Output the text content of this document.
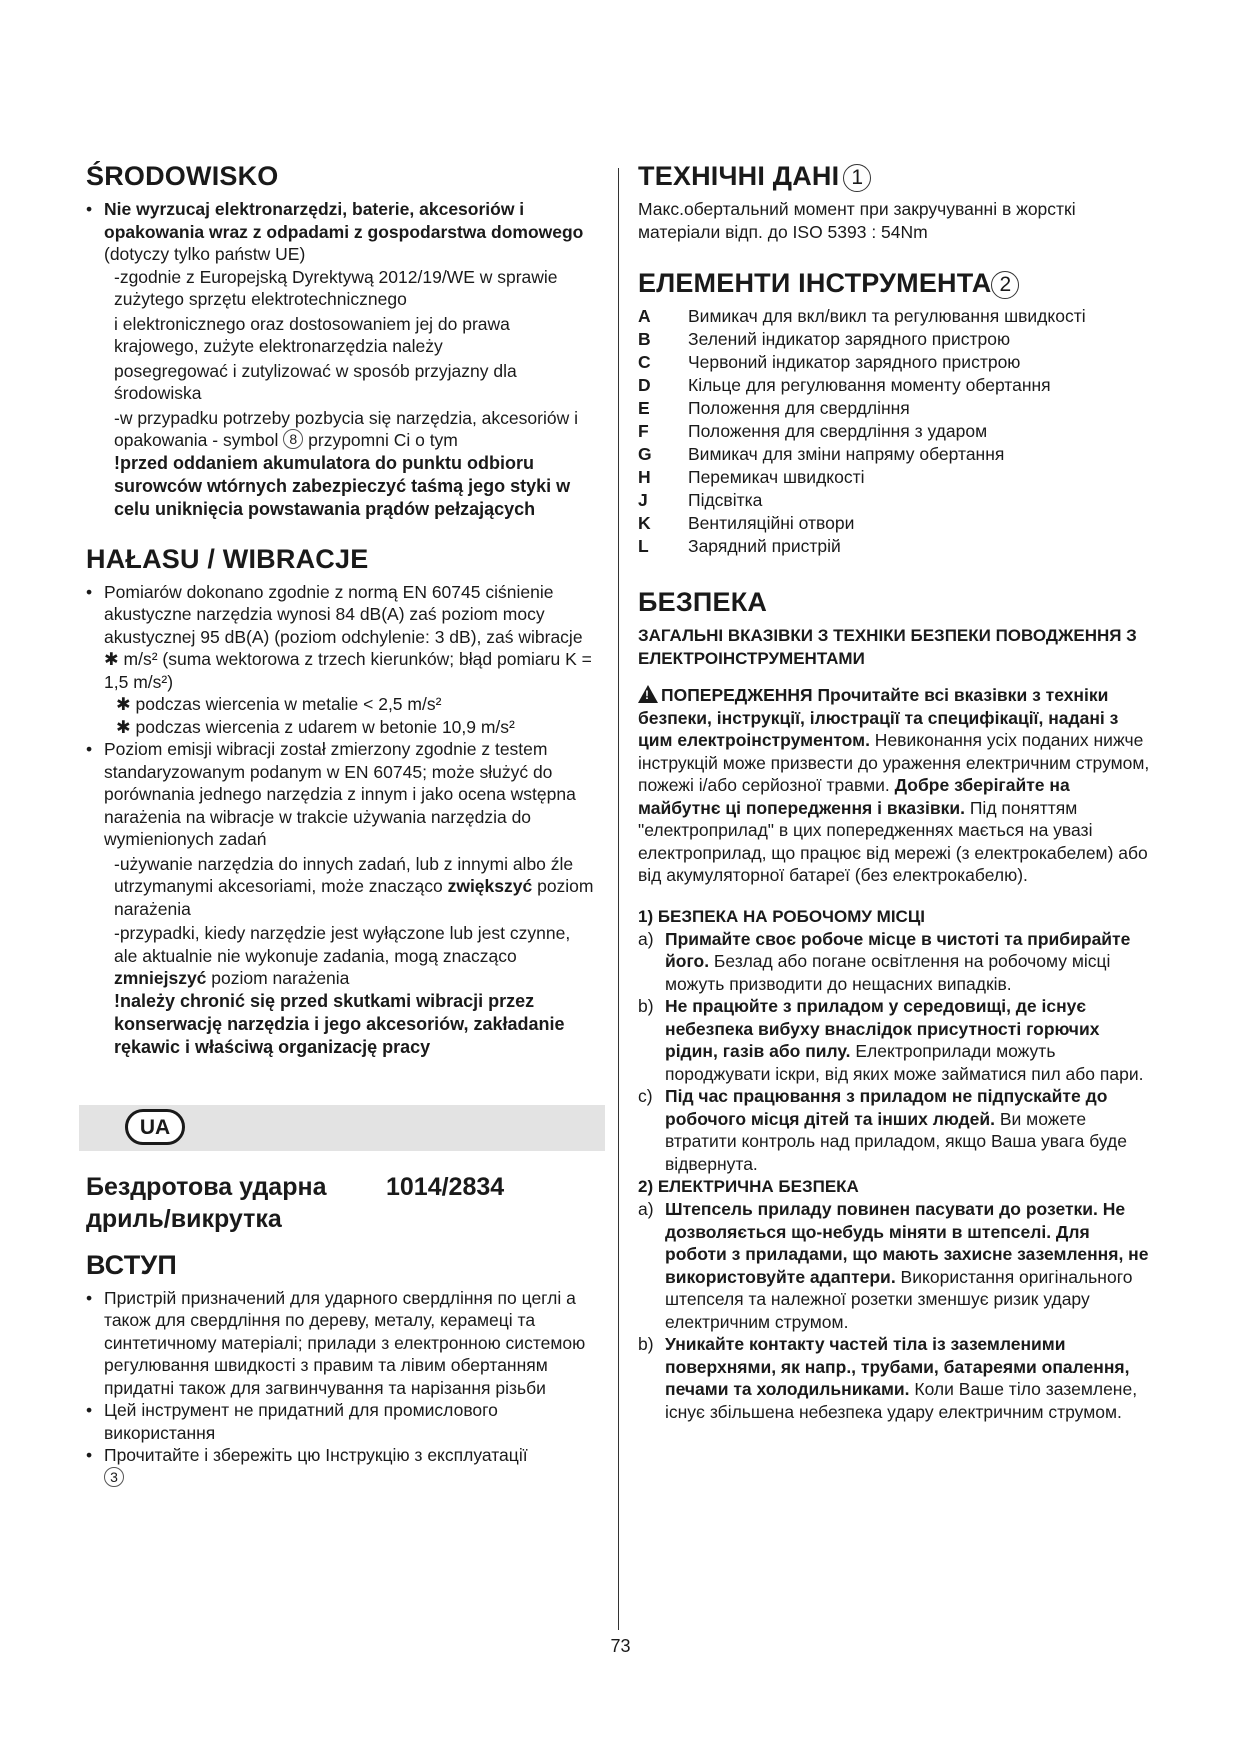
ŚRODOWISKO
• Nie wyrzucaj elektronarzędzi, baterie, akcesoriów i opakowania wraz z odpadami z gospodarstwa domowego (dotyczy tylko państw UE)
-zgodnie z Europejską Dyrektywą 2012/19/WE w sprawie zużytego sprzętu elektrotechnicznego
i elektronicznego oraz dostosowaniem jej do prawa krajowego, zużyte elektronarzędzia należy
posegregować i zutylizować w sposób przyjazny dla środowiska
-w przypadku potrzeby pozbycia się narzędzia, akcesoriów i opakowania - symbol 8 przypomni Ci o tym
!przed oddaniem akumulatora do punktu odbioru surowców wtórnych zabezpieczyć taśmą jego styki w celu uniknięcia powstawania prądów pełzających
HAŁASU / WIBRACJE
• Pomiarów dokonano zgodnie z normą EN 60745 ciśnienie akustyczne narzędzia wynosi 84 dB(A) zaś poziom mocy akustycznej 95 dB(A) (poziom odchylenie: 3 dB), zaś wibracje ✱ m/s² (suma wektorowa z trzech kierunków; błąd pomiaru K = 1,5 m/s²)
✱ podczas wiercenia w metalie < 2,5 m/s²
✱ podczas wiercenia z udarem w betonie 10,9 m/s²
• Poziom emisji wibracji został zmierzony zgodnie z testem standaryzowanym podanym w EN 60745; może służyć do porównania jednego narzędzia z innym i jako ocena wstępna narażenia na wibracje w trakcie używania narzędzia do wymienionych zadań
-używanie narzędzia do innych zadań, lub z innymi albo źle utrzymanymi akcesoriami, może znacząco zwiększyć poziom narażenia
-przypadki, kiedy narzędzie jest wyłączone lub jest czynne, ale aktualnie nie wykonuje zadania, mogą znacząco zmniejszyć poziom narażenia
!należy chronić się przed skutkami wibracji przez konserwację narzędzia i jego akcesoriów, zakładanie rękawic i właściwą organizację pracy
UA
Бездротова ударна дриль/викрутка
1014/2834
ВСТУП
• Пристрій призначений для ударного свердління по цеглі а також для свердління по дереву, металу, керамеці та синтетичному матеріалі; прилади з електронною системою регулювання швидкості з правим та лівим обертанням придатні також для загвинчування та нарізання різьби
• Цей інструмент не придатний для промислового використання
• Прочитайте і збережіть цю Інструкцію з експлуатації
3
ТЕХНІЧНІ ДАНІ 1
Макс.обертальний момент при закручуванні в жорсткі матеріали відп. до ISO 5393 : 54Nm
ЕЛЕМЕНТИ ІНСТРУМЕНТА 2
A	Вимикач для вкл/викл та регулювання швидкості
B	Зелений індикатор зарядного пристрою
C	Червоний індикатор зарядного пристрою
D	Кільце для регулювання моменту обертання
E	Положення для свердління
F	Положення для свердління з ударом
G	Вимикач для зміни напряму обертання
H	Перемикач швидкості
J	Підсвітка
K	Вентиляційні отвори
L	Зарядний пристрій
БЕЗПЕКА
ЗАГАЛЬНІ ВКАЗІВКИ З ТЕХНІКИ БЕЗПЕКИ ПОВОДЖЕННЯ З ЕЛЕКТРОІНСТРУМЕНТАМИ
! ПОПЕРЕДЖЕННЯ Прочитайте всі вказівки з техніки безпеки, інструкції, ілюстрації та специфікації, надані з цим електроінструментом. Невиконання усіх поданих нижче інструкцій може призвести до ураження електричним струмом, пожежі і/або серйозної травми. Добре зберігайте на майбутнє ці попередження і вказівки. Під поняттям "електроприлад" в цих попередженнях мається на увазі електроприлад, що працює від мережі (з електрокабелем) або від акумуляторної батареї (без електрокабелю).
1) БЕЗПЕКА НА РОБОЧОМУ МІСЦІ
a) Примайте своє робоче місце в чистоті та прибирайте його. Безлад або погане освітлення на робочому місці можуть призводити до нещасних випадків.
b) Не працюйте з приладом у середовищі, де існує небезпека вибуху внаслідок присутності горючих рідин, газів або пилу. Електроприлади можуть породжувати іскри, від яких може займатися пил або пари.
c) Під час працювання з приладом не підпускайте до робочого місця дітей та інших людей. Ви можете втратити контроль над приладом, якщо Ваша увага буде відвернута.
2) ЕЛЕКТРИЧНА БЕЗПЕКА
a) Штепсель приладу повинен пасувати до розетки. Не дозволяється що-небудь міняти в штепселі. Для роботи з приладами, що мають захисне заземлення, не використовуйте адаптери. Використання оригінального штепселя та належної розетки зменшує ризик удару електричним струмом.
b) Уникайте контакту частей тіла із заземленими поверхнями, як напр., трубами, батареями опалення, печами та холодильниками. Коли Ваше тіло заземлене, існує збільшена небезпека удару електричним струмом.
73
